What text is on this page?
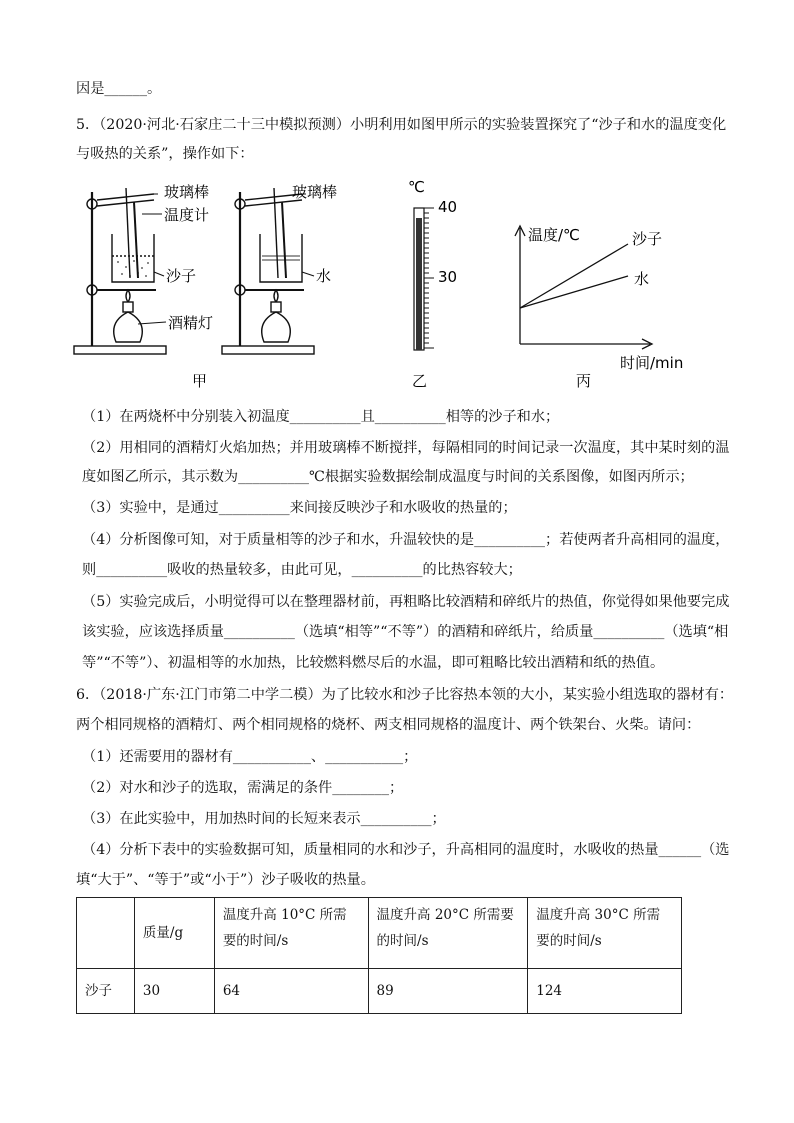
因是______。
5．（2020·河北·石家庄二十三中模拟预测）小明利用如图甲所示的实验装置探究了“沙子和水的温度变化
与吸热的关系”，操作如下：
玻璃棒
温度计
沙子
酒精灯
玻璃棒
水
甲
℃
40
30
乙
温度/℃	沙子
水
时间/min
丙
（1）在两烧杯中分别装入初温度__________且__________相等的沙子和水；
（2）用相同的酒精灯火焰加热；并用玻璃棒不断搅拌，每隔相同的时间记录一次温度，其中某时刻的温
度如图乙所示，其示数为__________℃根据实验数据绘制成温度与时间的关系图像，如图丙所示；
（3）实验中，是通过__________来间接反映沙子和水吸收的热量的；
（4）分析图像可知，对于质量相等的沙子和水，升温较快的是__________；若使两者升高相同的温度，
则__________吸收的热量较多，由此可见，__________的比热容较大；
（5）实验完成后，小明觉得可以在整理器材前，再粗略比较酒精和碎纸片的热值，你觉得如果他要完成
该实验，应该选择质量__________（选填“相等”“不等”）的酒精和碎纸片，给质量__________（选填“相
等”“不等”）、初温相等的水加热，比较燃料燃尽后的水温，即可粗略比较出酒精和纸的热值。
6．（2018·广东·江门市第二中学二模）为了比较水和沙子比容热本领的大小，某实验小组选取的器材有：
两个相同规格的酒精灯、两个相同规格的烧杯、两支相同规格的温度计、两个铁架台、火柴。请问：
（1）还需要用的器材有___________、___________；
（2）对水和沙子的选取，需满足的条件________；
（3）在此实验中，用加热时间的长短来表示__________；
（4）分析下表中的实验数据可知，质量相同的水和沙子，升高相同的温度时，水吸收的热量______（选
填“大于”、“等于”或“小于”）沙子吸收的热量。
	质量/g	温度升高 10°C 所需要的时间/s	温度升高 20°C 所需要的时间/s	温度升高 30°C 所需要的时间/s
沙子	30	64	89	124
